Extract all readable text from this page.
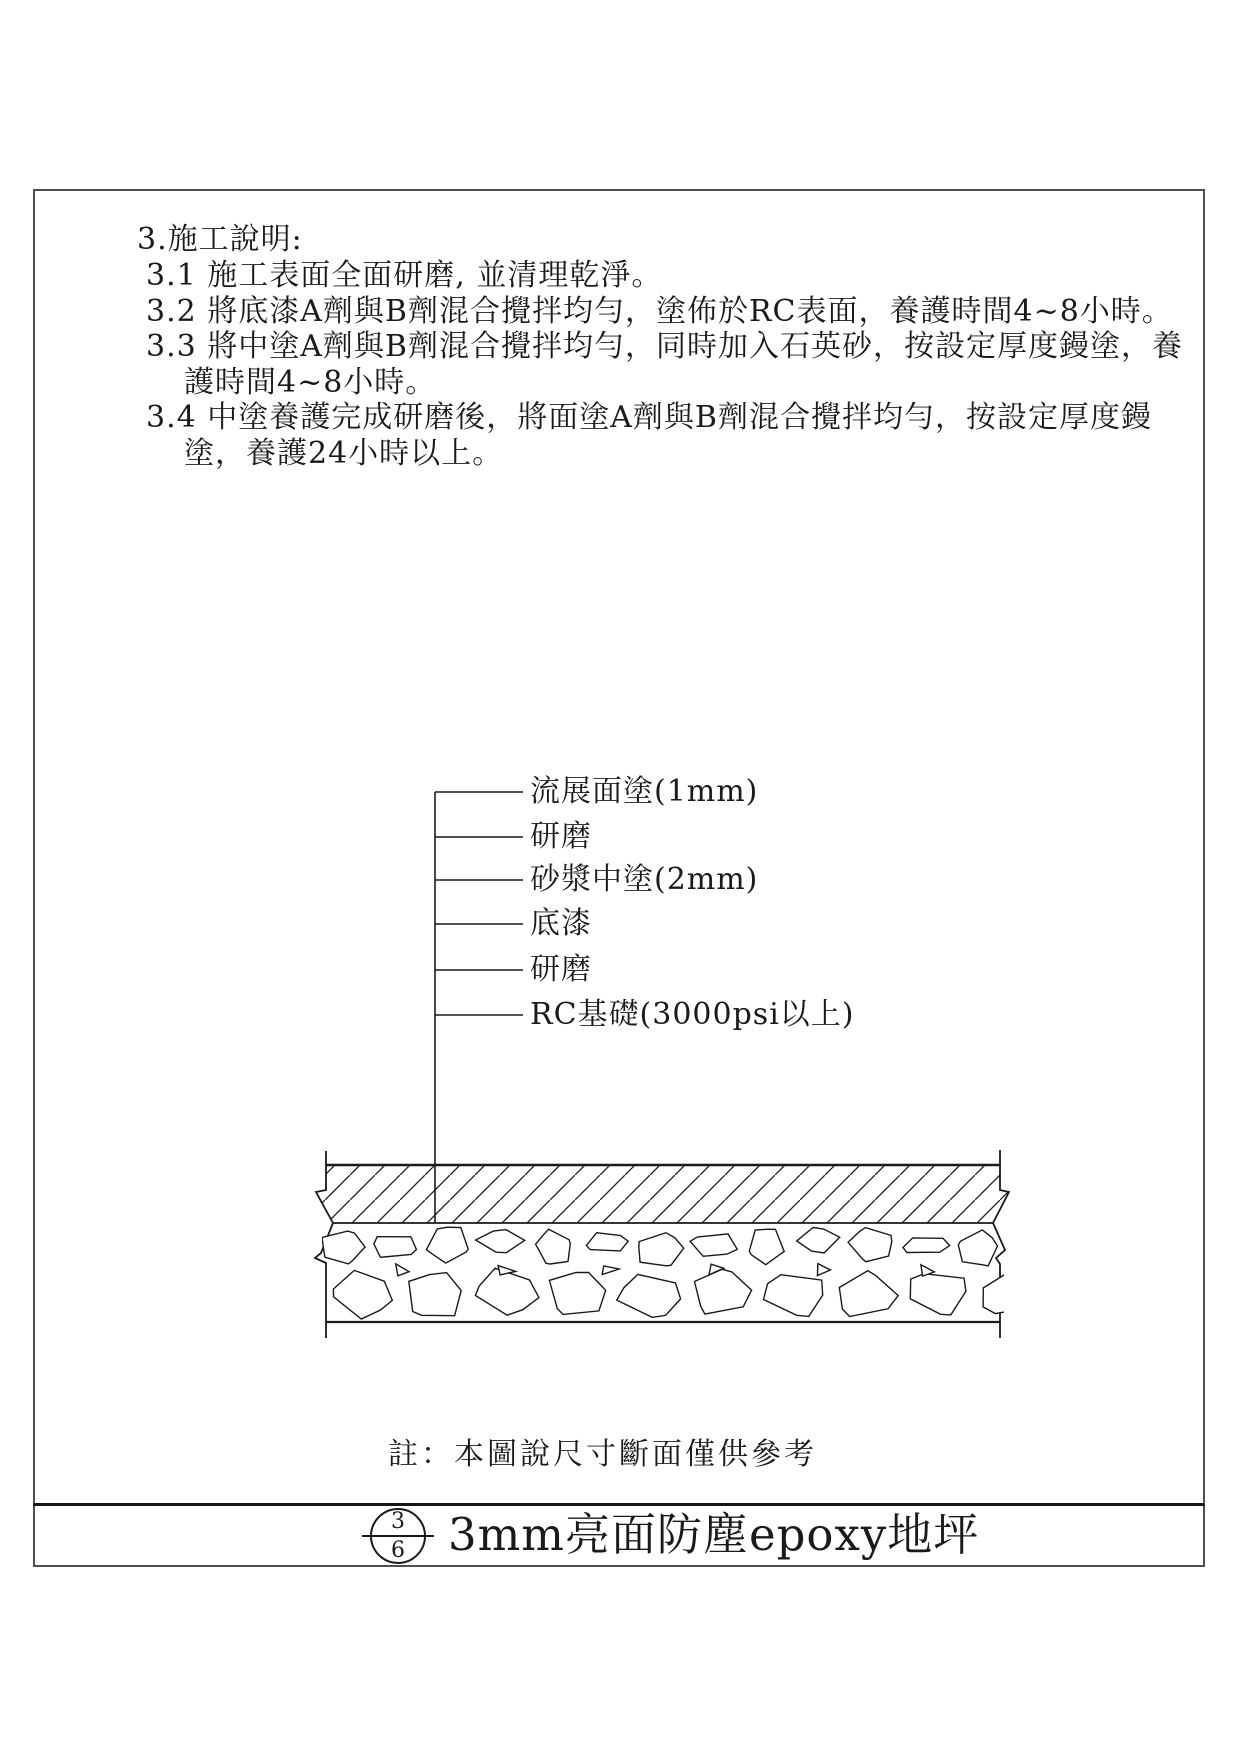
3.施工說明:
3.1 施工表面全面研磨, 並清理乾淨。
3.2 將底漆A劑與B劑混合攪拌均勻，塗佈於RC表面，養護時間4~8小時。
3.3 將中塗A劑與B劑混合攪拌均勻，同時加入石英砂，按設定厚度鏝塗，養
護時間4~8小時。
3.4 中塗養護完成研磨後，將面塗A劑與B劑混合攪拌均勻，按設定厚度鏝
塗，養護24小時以上。
流展面塗(1mm)
研磨
砂漿中塗(2mm)
底漆
研磨
RC基礎(3000psi以上)
註：本圖說尺寸斷面僅供參考
3
6 3mm亮面防塵epoxy地坪
